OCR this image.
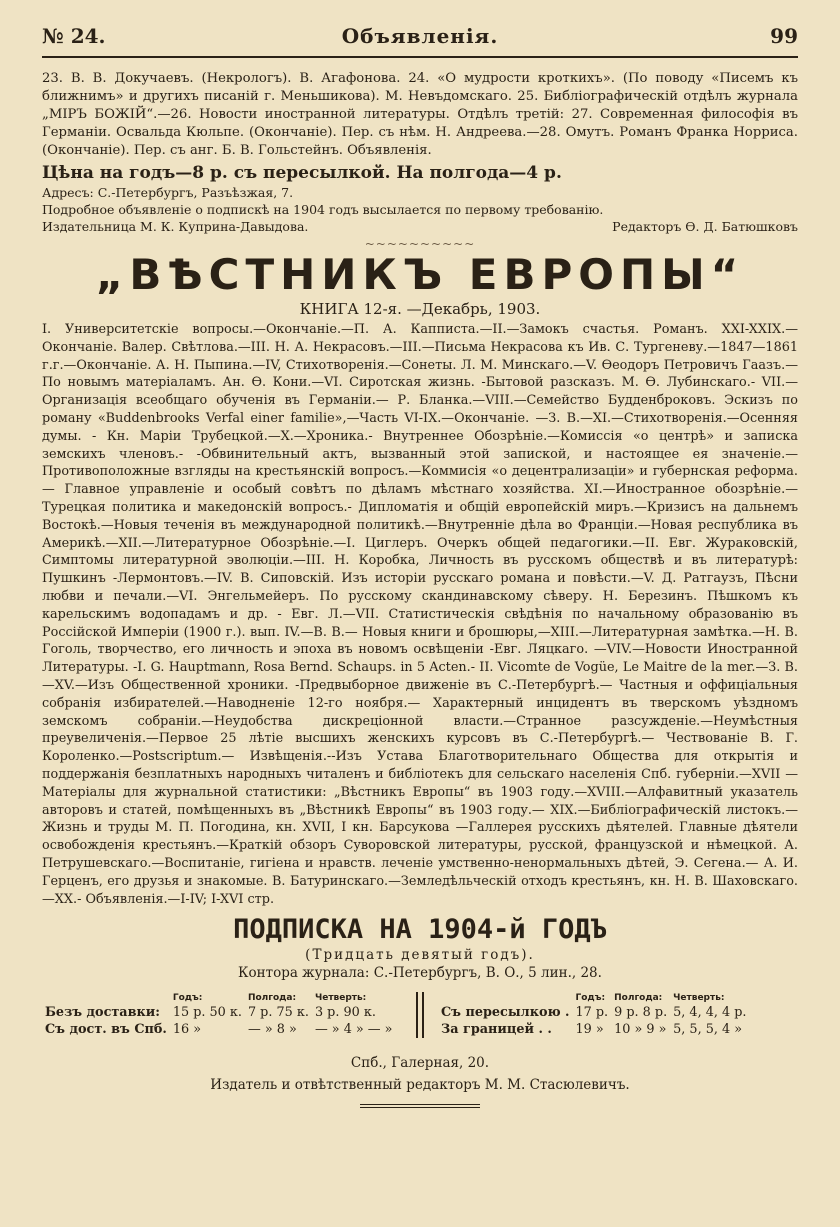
№ 24.	Объявленія.	99

23. В. В. Докучаевъ. (Некрологъ). В. Агафонова. 24. «О мудрости кроткихъ». (По поводу «Писемъ къ ближнимъ» и другихъ писаній г. Меньшикова). М. Невъдомскаго. 25. Библіографическій отдѣлъ журнала „МІРЪ БОЖІЙ“.—26. Новости иностранной литературы. Отдѣлъ третій: 27. Современная философія въ Германіи. Освальда Кюльпе. (Окончаніе). Пер. съ нѣм. Н. Андреева.—28. Омутъ. Романъ Франка Норриса. (Окончаніе). Пер. съ анг. Б. В. Гольстейнъ. Объявленія.

Цѣна на годъ—8 р. съ пересылкой. На полгода—4 р.

Адресъ: С.-Петербургъ, Разъѣзжая, 7.

Подробное объявленіе о подпискѣ на 1904 годъ высылается по первому требованію.

Издательница М. К. Куприна-Давыдова.	Редакторъ Ѳ. Д. Батюшковъ
~~~~~~~~~~
„ВѢСТНИКЪ ЕВРОПЫ“
КНИГА 12-я. —Декабрь, 1903.

I. Университетскіе вопросы.—Окончаніе.—П. А. Капписта.—II.—Замокъ счастья. Романъ. XXI-XXIX.—Окончаніе. Валер. Свѣтлова.—III. Н. А. Некрасовъ.—III.—Письма Некрасова къ Ив. С. Тургеневу.—1847—1861 г.г.—Окончаніе. А. Н. Пыпина.—IV, Стихотворенія.—Сонеты. Л. М. Минскаго.—V. Ѳеодоръ Петровичъ Гаазъ.—По новымъ матеріаламъ. Ан. Ѳ. Кони.—VI. Сиротская жизнь. -Бытовой разсказъ. М. Ѳ. Лубинскаго.- VII.—Организація всеобщаго обученія въ Германіи.— Р. Бланка.—VIII.—Семейство Будденброковъ. Эскизъ по роману «Buddenbrooks Verfal einer familie»,—Часть VI-IX.—Окончаніе. —З. В.—XI.—Стихотворенія.—Осенняя думы. - Кн. Маріи Трубецкой.—X.—Хроника.- Внутреннее Обозрѣніе.—Комиссія «о центрѣ» и записка земскихъ членовъ.- -Обвинительный актъ, вызванный этой запиской, и настоящее ея значеніе.—Противоположные взгляды на крестьянскій вопросъ.—Коммисія «о децентрализаціи» и губернская реформа.— Главное управленіе и особый совѣтъ по дѣламъ мѣстнаго хозяйства. XI.—Иностранное обозрѣніе.— Турецкая политика и македонскій вопросъ.- Дипломатія и общій европейскій миръ.—Кризисъ на дальнемъ Востокѣ.—Новыя теченія въ международной политикѣ.—Внутренніе дѣла во Франціи.—Новая республика въ Америкѣ.—XII.—Литературное Обозрѣніе.—I. Циглеръ. Очеркъ общей педагогики.—II. Евг. Жураковскій, Симптомы литературной эволюціи.—III. Н. Коробка, Личность въ русскомъ обществѣ и въ литературѣ: Пушкинъ -Лермонтовъ.—IV. В. Сиповскій. Изъ исторіи русскаго романа и повѣсти.—V. Д. Ратгаузъ, Пѣсни любви и печали.—VI. Энгельмейеръ. По русскому скандинавскому сѣверу. Н. Березинъ. Пѣшкомъ къ карельскимъ водопадамъ и др. - Евг. Л.—VII. Статистическія свѣдѣнія по начальному образованію въ Россійской Имперіи (1900 г.). вып. IV.—В. В.— Новыя книги и брошюры,—XIII.—Литературная замѣтка.—Н. В. Гоголь, творчество, его личность и эпоха въ новомъ освѣщеніи -Евг. Ляцкаго. —VIV.—Новости Иностранной Литературы. -I. G. Hauptmann, Rosa Bernd. Schaups. in 5 Acten.- II. Vicomte de Vogüe, Le Maitre de la mer.—З. В.—XV.—Изъ Общественной хроники. -Предвыборное движеніе въ С.-Петербургѣ.— Частныя и оффиціальныя собранія избирателей.—Наводненіе 12-го ноября.— Характерный инцидентъ въ тверскомъ уѣздномъ земскомъ собраніи.—Неудобства дискреціонной власти.—Странное разсужденіе.—Неумѣстныя преувеличенія.—Первое 25 лѣтіе высшихъ женскихъ курсовъ въ С.-Петербургѣ.— Чествованіе В. Г. Короленко.—Postscriptum.— Извѣщенія.--Изъ Устава Благотворительнаго Общества для открытія и поддержанія безплатныхъ народныхъ читаленъ и библіотекъ для сельскаго населенія Спб. губерніи.—XVII — Матеріалы для журнальной статистики: „Вѣстникъ Европы“ въ 1903 году.—XVIII.—Алфавитный указатель авторовъ и статей, помѣщенныхъ въ „Вѣстникѣ Европы“ въ 1903 году.— XIX.—Библіографическій листокъ.— Жизнь и труды М. П. Погодина, кн. XVII, I кн. Барсукова —Галлерея русскихъ дѣятелей. Главные дѣятели освобожденія крестьянъ.—Краткій обзоръ Суворовской литературы, русской, французской и нѣмецкой. А. Петрушевскаго.—Воспитаніе, гигіена и нравств. леченіе умственно-ненормальныхъ дѣтей, Э. Сегена.— А. И. Герценъ, его друзья и знакомые. В. Батуринскаго.—Земледѣльческій отходъ крестьянъ, кн. Н. В. Шаховскаго.—XX.- Объявленія.—I-IV; I-XVI стр.

ПОДПИСКА НА 1904-й ГОДЪ
(Тридцать девятый годъ).
Контора журнала: С.-Петербургъ, В. О., 5 лин., 28.
	Годъ:	Полгода:	Четверть:
Безъ доставки:	15 р. 50 к.	7 р. 75 к.	3 р. 90 к.
Съ дост. въ Спб.	16 »	— » 8 »	— » 4 » — »
	Годъ:	Полгода:	Четверть:
Съ пересылкою .	17 р.	9 р. 8 р.	5, 4, 4, 4 р.
За границей . .	19 »	10 » 9 »	5, 5, 5, 4 »
Спб., Галерная, 20.
Издатель и отвѣтственный редакторъ М. М. Стасюлевичъ.
